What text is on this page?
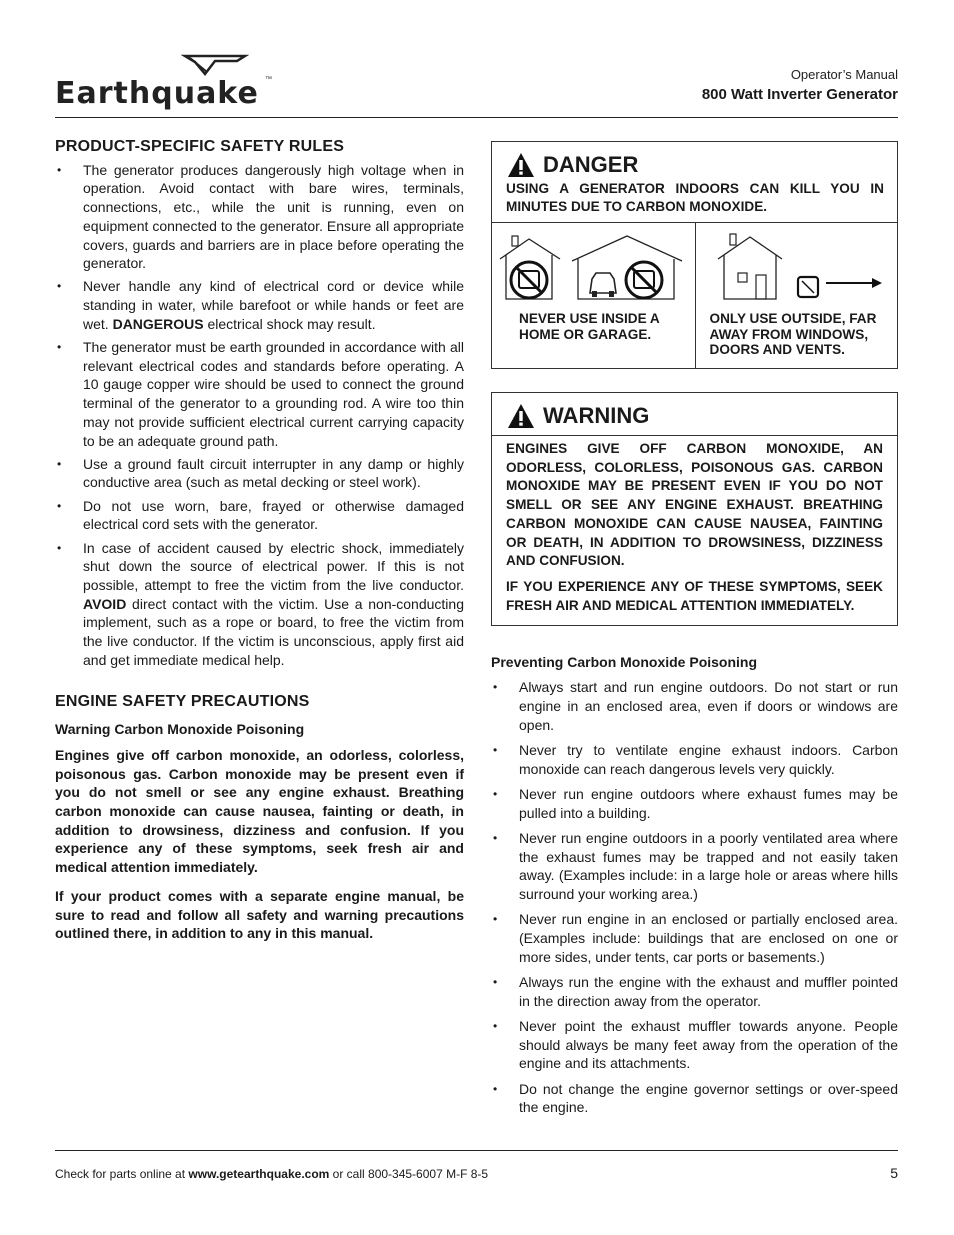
Earthquake ™	Operator’s Manual
800 Watt Inverter Generator
PRODUCT-SPECIFIC SAFETY RULES
• The generator produces dangerously high voltage when in operation. Avoid contact with bare wires, terminals, connections, etc., while the unit is running, even on equipment connected to the generator. Ensure all appropriate covers, guards and barriers are in place before operating the generator.
• Never handle any kind of electrical cord or device while standing in water, while barefoot or while hands or feet are wet. DANGEROUS electrical shock may result.
• The generator must be earth grounded in accordance with all relevant electrical codes and standards before operating. A 10 gauge copper wire should be used to connect the ground terminal of the generator to a grounding rod. A wire too thin may not provide sufficient electrical current carrying capacity to be an adequate ground path.
• Use a ground fault circuit interrupter in any damp or highly conductive area (such as metal decking or steel work).
• Do not use worn, bare, frayed or otherwise damaged electrical cord sets with the generator.
• In case of accident caused by electric shock, immediately shut down the source of electrical power. If this is not possible, attempt to free the victim from the live conductor. AVOID direct contact with the victim. Use a non-conducting implement, such as a rope or board, to free the victim from the live conductor. If the victim is unconscious, apply first aid and get immediate medical help.
ENGINE SAFETY PRECAUTIONS
Warning Carbon Monoxide Poisoning

Engines give off carbon monoxide, an odorless, colorless, poisonous gas. Carbon monoxide may be present even if you do not smell or see any engine exhaust. Breathing carbon monoxide can cause nausea, fainting or death, in addition to drowsiness, dizziness and confusion. If you experience any of these symptoms, seek fresh air and medical attention immediately.

If your product comes with a separate engine manual, be sure to read and follow all safety and warning precautions outlined there, in addition to any in this manual.

DANGER
USING A GENERATOR INDOORS CAN KILL YOU IN MINUTES DUE TO CARBON MONOXIDE.
NEVER USE INSIDE A HOME OR GARAGE.
ONLY USE OUTSIDE, FAR AWAY FROM WINDOWS, DOORS AND VENTS.
WARNING

ENGINES GIVE OFF CARBON MONOXIDE, AN ODORLESS, COLORLESS, POISONOUS GAS. CARBON MONOXIDE MAY BE PRESENT EVEN IF YOU DO NOT SMELL OR SEE ANY ENGINE EXHAUST. BREATHING CARBON MONOXIDE CAN CAUSE NAUSEA, FAINTING OR DEATH, IN ADDITION TO DROWSINESS, DIZZINESS AND CONFUSION.

IF YOU EXPERIENCE ANY OF THESE SYMPTOMS, SEEK FRESH AIR AND MEDICAL ATTENTION IMMEDIATELY.

Preventing Carbon Monoxide Poisoning
• Always start and run engine outdoors. Do not start or run engine in an enclosed area, even if doors or windows are open.
• Never try to ventilate engine exhaust indoors. Carbon monoxide can reach dangerous levels very quickly.
• Never run engine outdoors where exhaust fumes may be pulled into a building.
• Never run engine outdoors in a poorly ventilated area where the exhaust fumes may be trapped and not easily taken away. (Examples include: in a large hole or areas where hills surround your working area.)
• Never run engine in an enclosed or partially enclosed area. (Examples include: buildings that are enclosed on one or more sides, under tents, car ports or basements.)
• Always run the engine with the exhaust and muffler pointed in the direction away from the operator.
• Never point the exhaust muffler towards anyone. People should always be many feet away from the operation of the engine and its attachments.
• Do not change the engine governor settings or over-speed the engine.
Check for parts online at www.getearthquake.com or call 800-345-6007 M-F 8-5	5
